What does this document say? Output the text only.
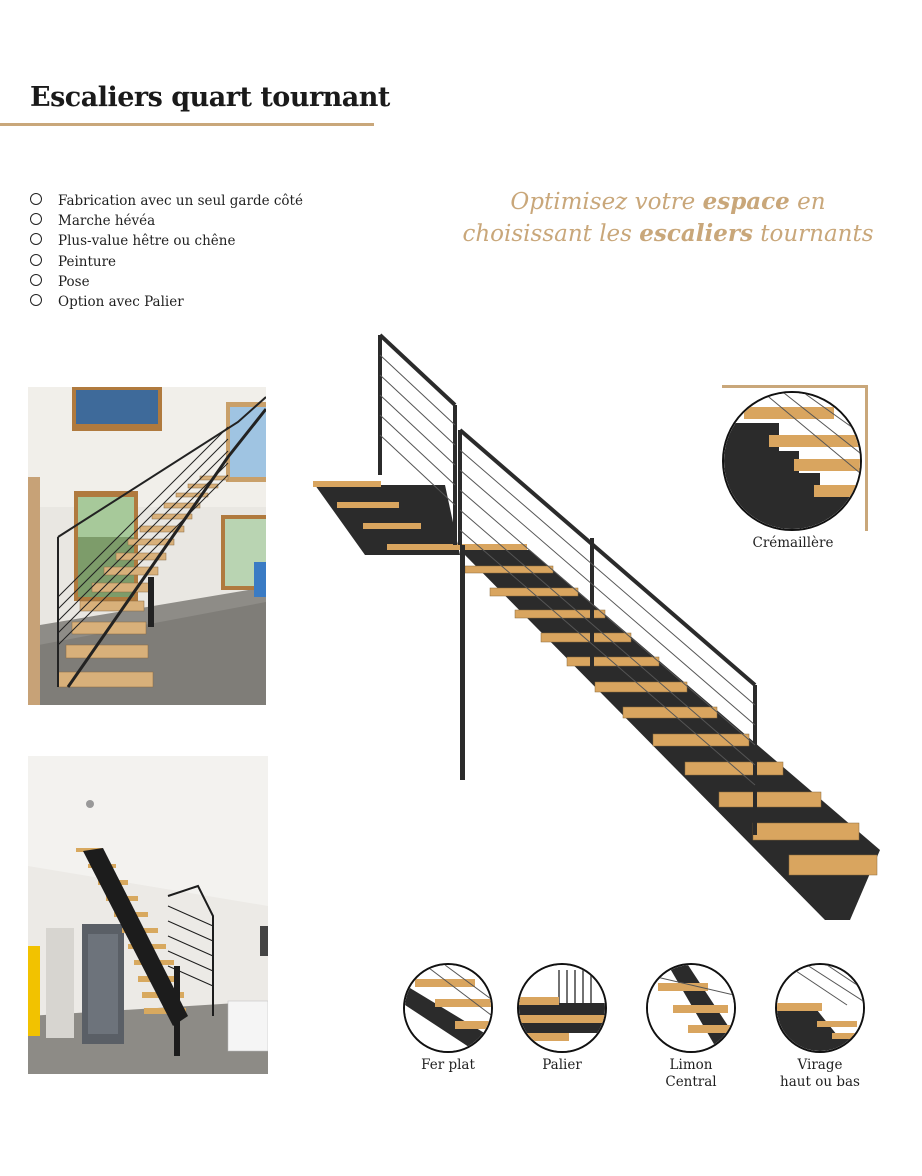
Escaliers quart tournant
Fabrication avec un seul garde côté
Marche hévéa
Plus-value hêtre ou chêne
Peinture
Pose
Option avec Palier
Optimisez votre espace en
choisissant les escaliers tournants
Crémaillère
Fer plat	Palier	Limon Central
Virage haut ou bas
